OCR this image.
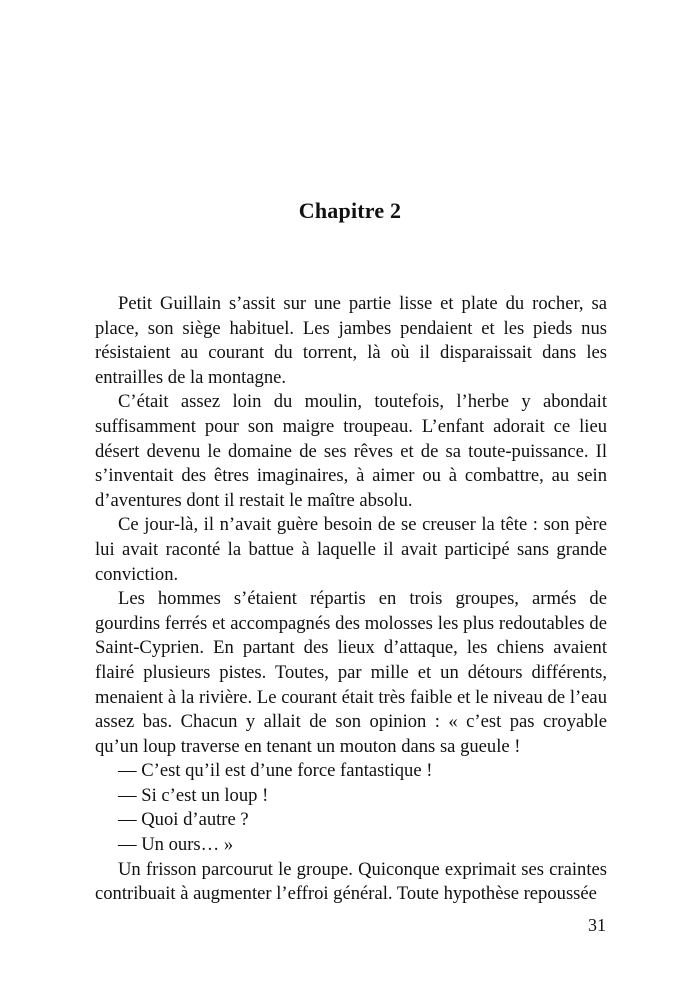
Chapitre 2

Petit Guillain s’assit sur une partie lisse et plate du rocher, sa place, son siège habituel. Les jambes pendaient et les pieds nus résistaient au courant du torrent, là où il disparaissait dans les entrailles de la montagne.

C’était assez loin du moulin, toutefois, l’herbe y abondait suffisamment pour son maigre troupeau. L’enfant adorait ce lieu désert devenu le domaine de ses rêves et de sa toute-puissance. Il s’inventait des êtres imaginaires, à aimer ou à combattre, au sein d’aventures dont il restait le maître absolu.

Ce jour-là, il n’avait guère besoin de se creuser la tête : son père lui avait raconté la battue à laquelle il avait participé sans grande conviction.

Les hommes s’étaient répartis en trois groupes, armés de gourdins ferrés et accompagnés des molosses les plus redoutables de Saint-Cyprien. En partant des lieux d’attaque, les chiens avaient flairé plusieurs pistes. Toutes, par mille et un détours différents, menaient à la rivière. Le courant était très faible et le niveau de l’eau assez bas. Chacun y allait de son opinion : « c’est pas croyable qu’un loup traverse en tenant un mouton dans sa gueule !

— C’est qu’il est d’une force fantastique !

— Si c’est un loup !

— Quoi d’autre ?

— Un ours… »

Un frisson parcourut le groupe. Quiconque exprimait ses craintes contribuait à augmenter l’effroi général. Toute hypothèse repoussée

31
